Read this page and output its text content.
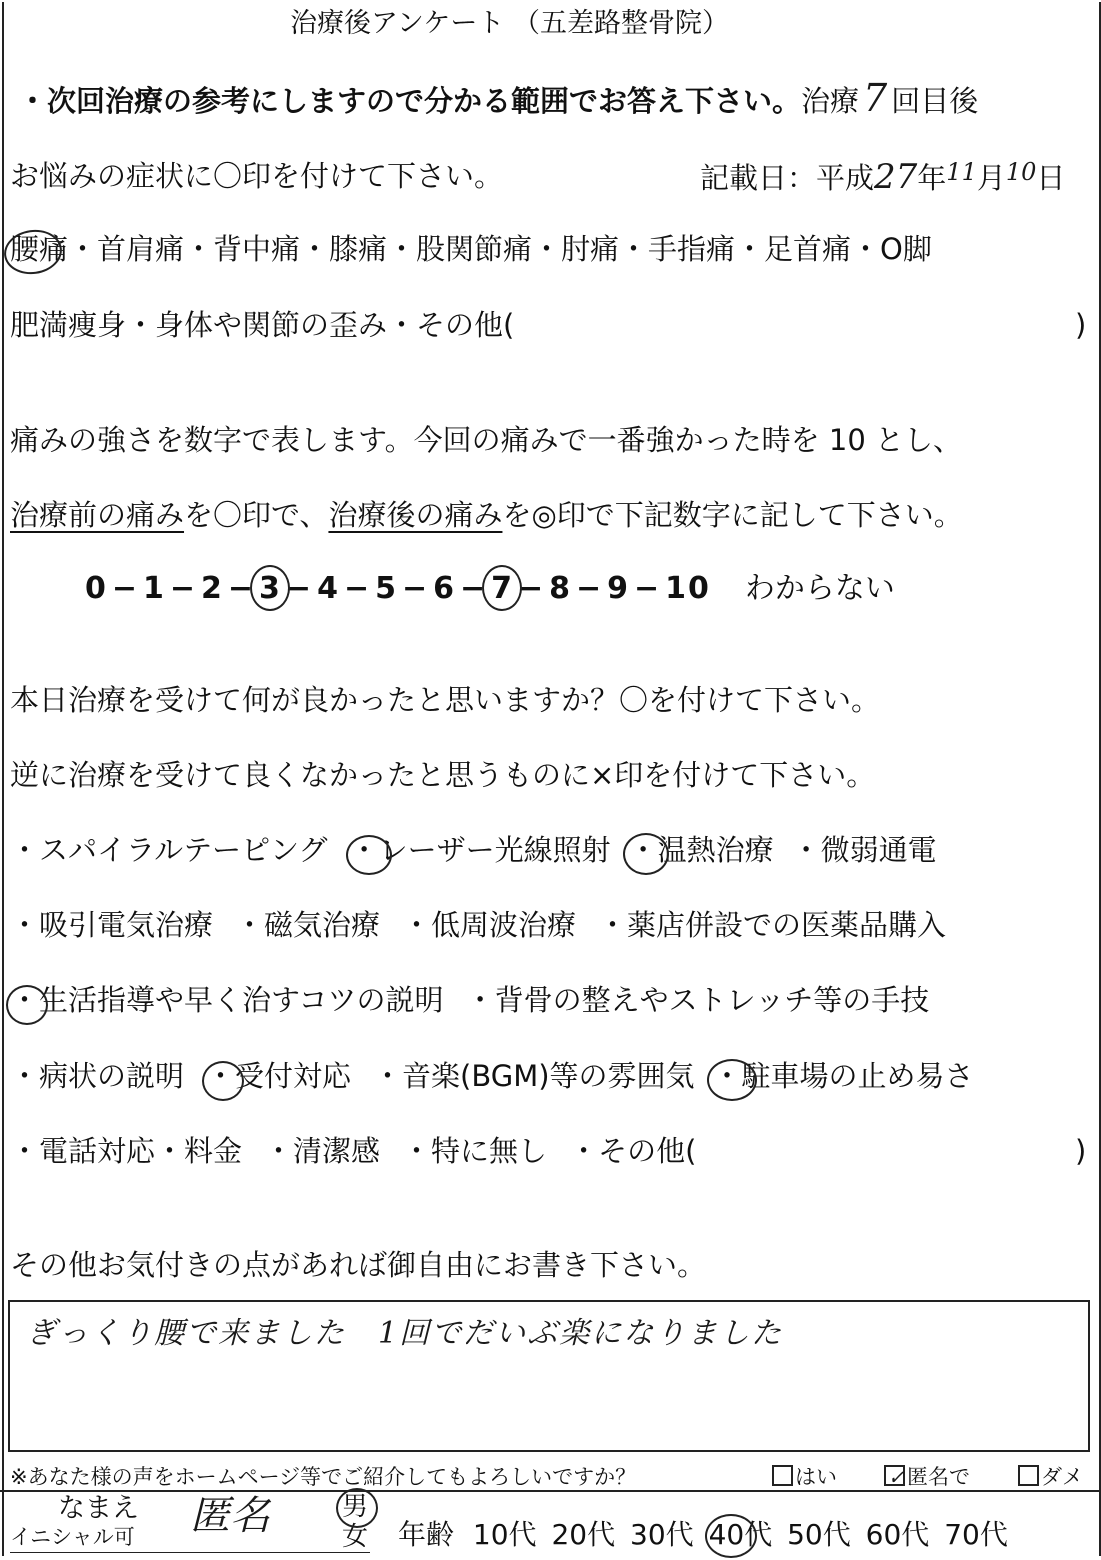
治療後アンケート （五差路整骨院）
・次回治療の参考にしますので分かる範囲でお答え下さい。治療 7 回目後
お悩みの症状に〇印を付けて下さい。	記載日：平成27年$^{11}$月$^{10}$日
腰痛
・首肩痛・背中痛・膝痛・股関節痛・肘痛・手指痛・足首痛・O脚
肥満痩身・身体や関節の歪み・その他(	)
痛みの強さを数字で表します。今回の痛みで一番強かった時を 10 とし、
治療前の痛みを〇印で、治療後の痛みを◎印で下記数字に記して下さい。
0 − 1 − 2 − 3 − 4 − 5 − 6 − 7 − 8 − 9 − 10 わからない
本日治療を受けて何が良かったと思いますか？〇を付けて下さい。
逆に治療を受けて良くなかったと思うものに×印を付けて下さい。
・スパイラルテーピング ・レーザー光線照射 ・温熱治療 ・微弱通電
・吸引電気治療 ・磁気治療 ・低周波治療 ・薬店併設での医薬品購入
・生活指導や早く治すコツの説明 ・背骨の整えやストレッチ等の手技
・病状の説明 ・受付対応 ・音楽(BGM)等の雰囲気 ・駐車場の止め易さ
・電話対応・料金 ・清潔感 ・特に無し ・その他(	)
その他お気付きの点があれば御自由にお書き下さい。
ぎっくり腰で来ました　1回でだいぶ楽になりました
※あなた様の声をホームページ等でご紹介してもよろしいですか？	はい	✓ 匿名で	ダメ
なまえ
イニシャル可 匿名	男
女 年齢 10代 20代 30代 40代 50代 60代 70代
